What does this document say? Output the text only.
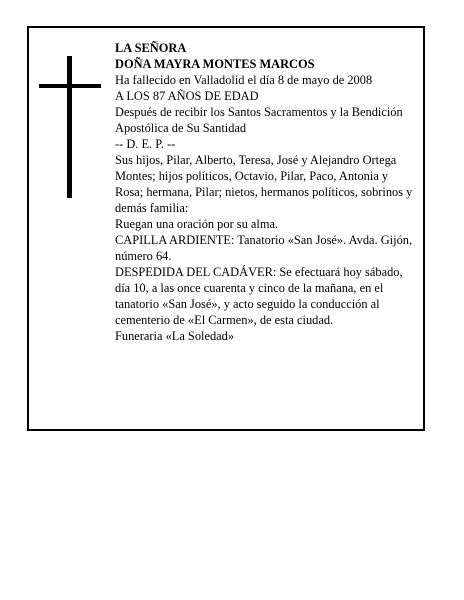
LA SEÑORA

DOÑA MAYRA MONTES MARCOS

Ha fallecido en Valladolid el día 8 de mayo de 2008

A LOS 87 AÑOS DE EDAD

Después de recibir los Santos Sacramentos y la Bendición Apostólica de Su Santidad

-- D. E. P. --

Sus hijos, Pilar, Alberto, Teresa, José y Alejandro Ortega Montes; hijos políticos, Octavio, Pilar, Paco, Antonia y Rosa; hermana, Pilar; nietos, hermanos políticos, sobrinos y demás familia:

Ruegan una oración por su alma.

CAPILLA ARDIENTE: Tanatorio «San José». Avda. Gijón, número 64.

DESPEDIDA DEL CADÁVER: Se efectuará hoy sábado, día 10, a las once cuarenta y cinco de la mañana, en el tanatorio «San José», y acto seguido la conducción al cementerio de «El Carmen», de esta ciudad.

Funeraria «La Soledad»
